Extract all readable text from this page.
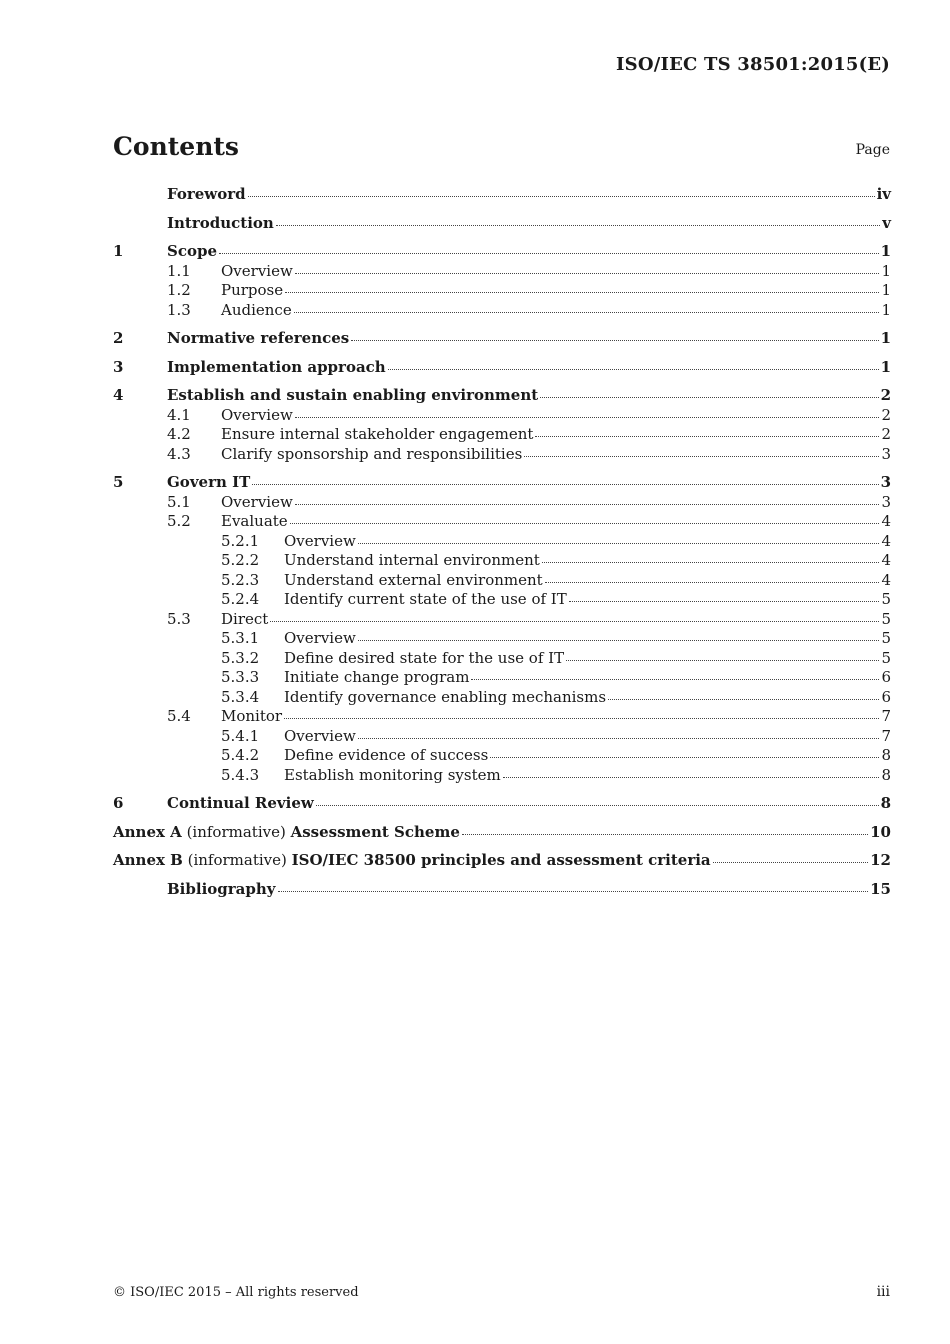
ISO/IEC TS 38501:2015(E)
Contents	Page
Foreword	iv
Introduction	v
1	Scope	1
1.1	Overview	1
1.2	Purpose	1
1.3	Audience	1
2	Normative references	1
3	Implementation approach	1
4	Establish and sustain enabling environment	2
4.1	Overview	2
4.2	Ensure internal stakeholder engagement	2
4.3	Clarify sponsorship and responsibilities	3
5	Govern IT	3
5.1	Overview	3
5.2	Evaluate	4
5.2.1	Overview	4
5.2.2	Understand internal environment	4
5.2.3	Understand external environment	4
5.2.4	Identify current state of the use of IT	5
5.3	Direct	5
5.3.1	Overview	5
5.3.2	Define desired state for the use of IT	5
5.3.3	Initiate change program	6
5.3.4	Identify governance enabling mechanisms	6
5.4	Monitor	7
5.4.1	Overview	7
5.4.2	Define evidence of success	8
5.4.3	Establish monitoring system	8
6	Continual Review	8
Annex A (informative) Assessment Scheme	10
Annex B (informative) ISO/IEC 38500 principles and assessment criteria	12
Bibliography	15
© ISO/IEC 2015 – All rights reserved	iii
